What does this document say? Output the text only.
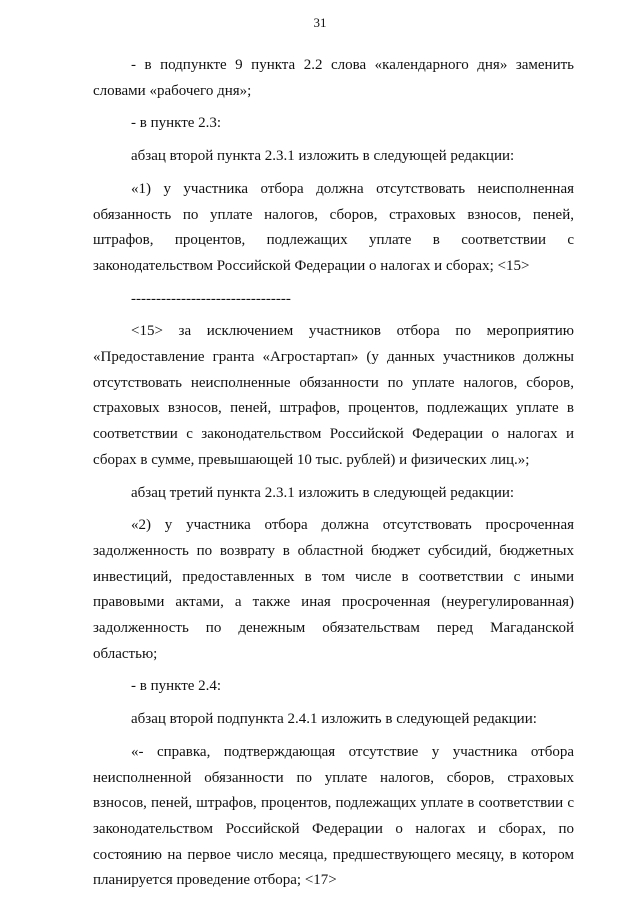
31

- в подпункте 9 пункта 2.2 слова «календарного дня» заменить словами «рабочего дня»;

- в пункте 2.3:

абзац второй пункта 2.3.1 изложить в следующей редакции:

«1) у участника отбора должна отсутствовать неисполненная обязанность по уплате налогов, сборов, страховых взносов, пеней, штрафов, процентов, подлежащих уплате в соответствии с законодательством Российской Федерации о налогах и сборах; <15>

--------------------------------

<15> за исключением участников отбора по мероприятию «Предоставление гранта «Агростартап» (у данных участников должны отсутствовать неисполненные обязанности по уплате налогов, сборов, страховых взносов, пеней, штрафов, процентов, подлежащих уплате в соответствии с законодательством Российской Федерации о налогах и сборах в сумме, превышающей 10 тыс. рублей) и физических лиц.»;

абзац третий пункта 2.3.1 изложить в следующей редакции:

«2) у участника отбора должна отсутствовать просроченная задолженность по возврату в областной бюджет субсидий, бюджетных инвестиций, предоставленных в том числе в соответствии с иными правовыми актами, а также иная просроченная (неурегулированная) задолженность по денежным обязательствам перед Магаданской областью;

- в пункте 2.4:

абзац второй подпункта 2.4.1 изложить в следующей редакции:

«- справка, подтверждающая отсутствие у участника отбора неисполненной обязанности по уплате налогов, сборов, страховых взносов, пеней, штрафов, процентов, подлежащих уплате в соответствии с законодательством Российской Федерации о налогах и сборах, по состоянию на первое число месяца, предшествующего месяцу, в котором планируется проведение отбора; <17>
